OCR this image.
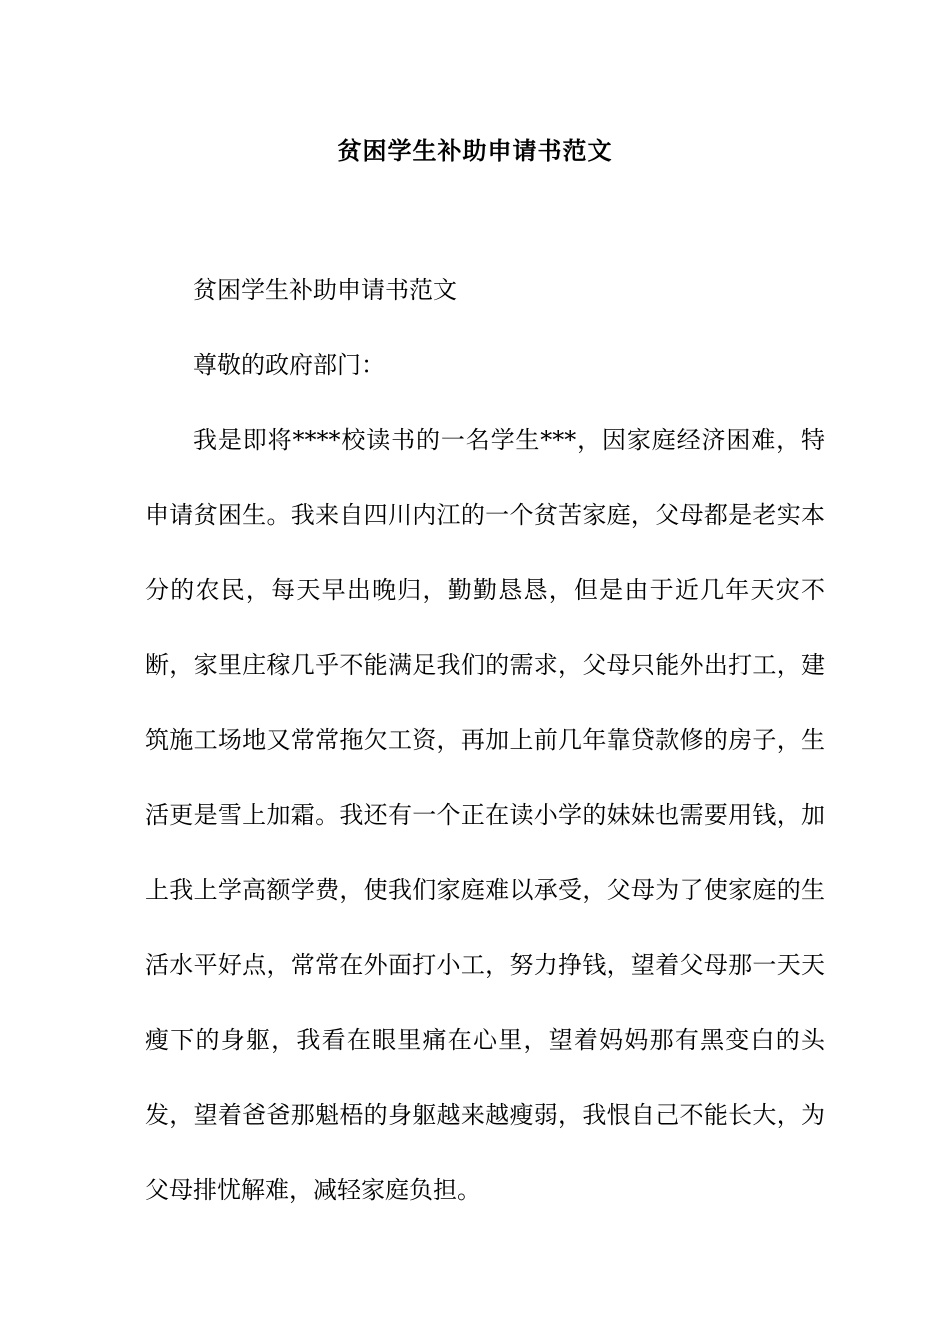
贫困学生补助申请书范文

贫困学生补助申请书范文

尊敬的政府部门：

我是即将****校读书的一名学生***，因家庭经济困难，特申请贫困生。我来自四川内江的一个贫苦家庭，父母都是老实本分的农民，每天早出晚归，勤勤恳恳，但是由于近几年天灾不断，家里庄稼几乎不能满足我们的需求，父母只能外出打工，建筑施工场地又常常拖欠工资，再加上前几年靠贷款修的房子，生活更是雪上加霜。我还有一个正在读小学的妹妹也需要用钱，加上我上学高额学费，使我们家庭难以承受，父母为了使家庭的生活水平好点，常常在外面打小工，努力挣钱，望着父母那一天天瘦下的身躯，我看在眼里痛在心里，望着妈妈那有黑变白的头发，望着爸爸那魁梧的身躯越来越瘦弱，我恨自己不能长大，为父母排忧解难，减轻家庭负担。
